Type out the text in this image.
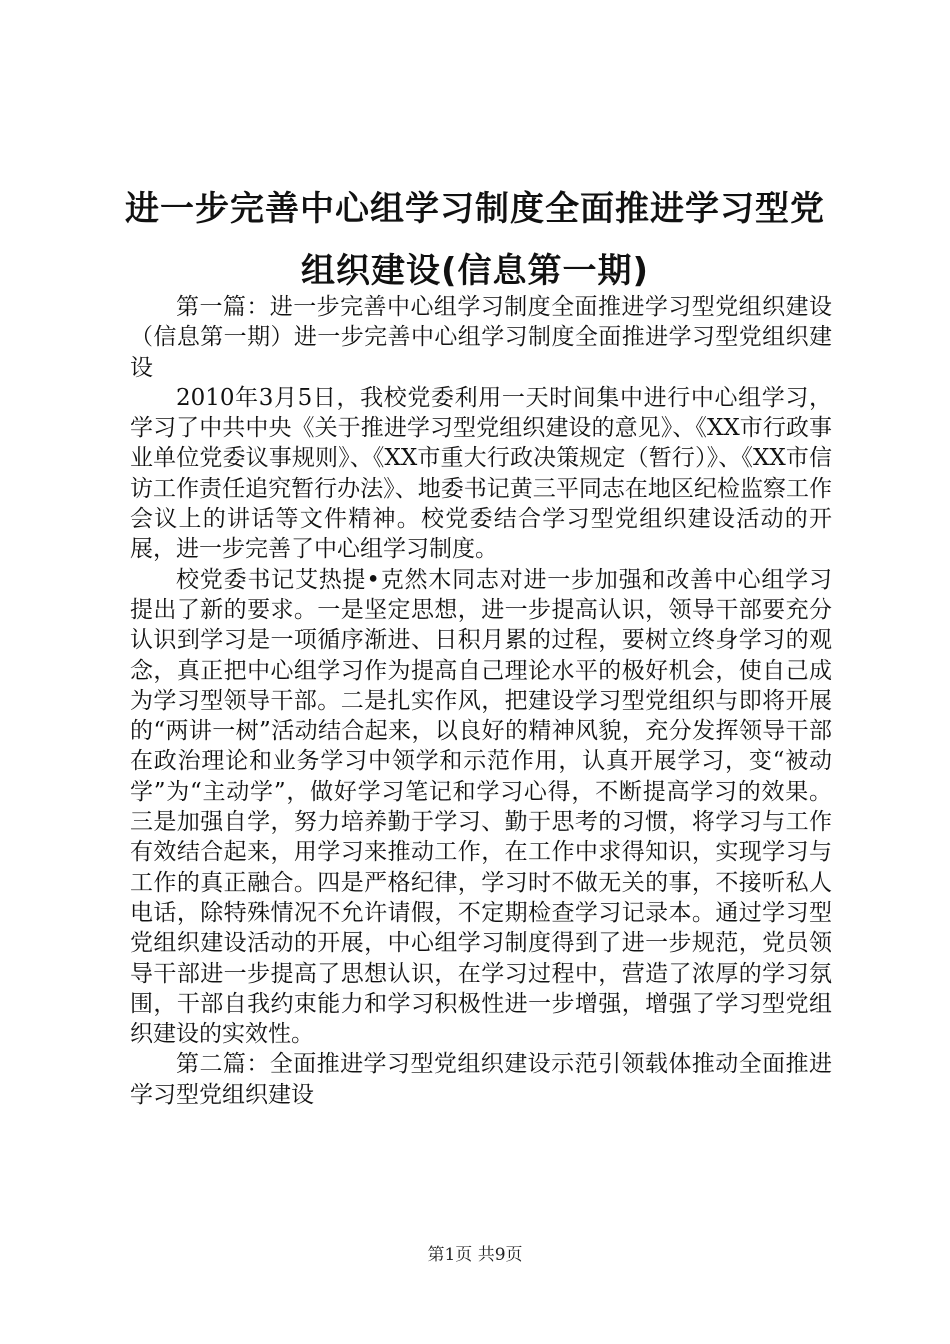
进一步完善中心组学习制度全面推进学习型党
组织建设(信息第一期)

第一篇：进一步完善中心组学习制度全面推进学习型党组织建设（信息第一期）进一步完善中心组学习制度全面推进学习型党组织建设

2010年3月5日，我校党委利用一天时间集中进行中心组学习，学习了中共中央《关于推进学习型党组织建设的意见》、《XX市行政事业单位党委议事规则》、《XX市重大行政决策规定（暂行）》、《XX市信访工作责任追究暂行办法》、地委书记黄三平同志在地区纪检监察工作会议上的讲话等文件精神。校党委结合学习型党组织建设活动的开展，进一步完善了中心组学习制度。

校党委书记艾热提•克然木同志对进一步加强和改善中心组学习提出了新的要求。一是坚定思想，进一步提高认识，领导干部要充分认识到学习是一项循序渐进、日积月累的过程，要树立终身学习的观念，真正把中心组学习作为提高自己理论水平的极好机会，使自己成为学习型领导干部。二是扎实作风，把建设学习型党组织与即将开展的“两讲一树”活动结合起来，以良好的精神风貌，充分发挥领导干部在政治理论和业务学习中领学和示范作用，认真开展学习，变“被动学”为“主动学”，做好学习笔记和学习心得，不断提高学习的效果。三是加强自学，努力培养勤于学习、勤于思考的习惯，将学习与工作有效结合起来，用学习来推动工作，在工作中求得知识，实现学习与工作的真正融合。四是严格纪律，学习时不做无关的事，不接听私人电话，除特殊情况不允许请假，不定期检查学习记录本。通过学习型党组织建设活动的开展，中心组学习制度得到了进一步规范，党员领导干部进一步提高了思想认识，在学习过程中，营造了浓厚的学习氛围，干部自我约束能力和学习积极性进一步增强，增强了学习型党组织建设的实效性。

第二篇：全面推进学习型党组织建设示范引领载体推动全面推进学习型党组织建设

第1页 共9页
